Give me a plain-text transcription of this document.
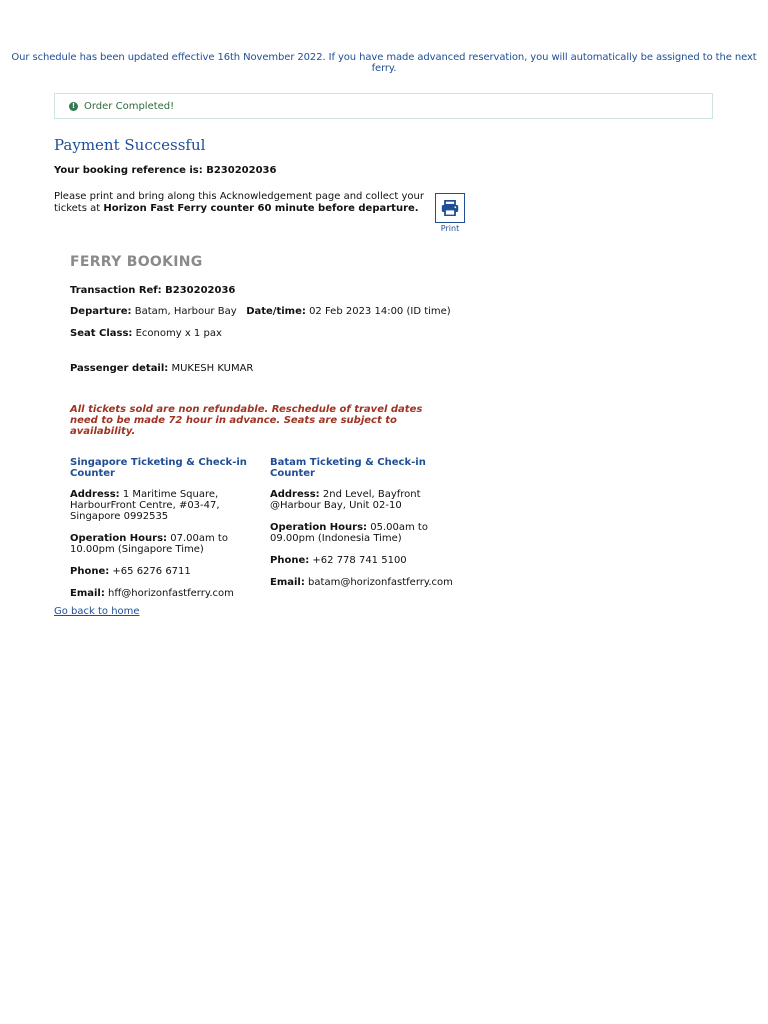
Our schedule has been updated effective 16th November 2022. If you have made advanced reservation, you will automatically be assigned to the next ferry.
! Order Completed!
Payment Successful
Your booking reference is: B230202036
Please print and bring along this Acknowledgement page and collect your tickets at Horizon Fast Ferry counter 60 minute before departure.
Print
FERRY BOOKING
Transaction Ref: B230202036
Departure: Batam, Harbour Bay Date/time: 02 Feb 2023 14:00 (ID time)
Seat Class: Economy x 1 pax
Passenger detail: MUKESH KUMAR
All tickets sold are non refundable. Reschedule of travel dates need to be made 72 hour in advance. Seats are subject to availability.
Singapore Ticketing & Check-in Counter

Address: 1 Maritime Square, HarbourFront Centre, #03-47, Singapore 0992535

Operation Hours: 07.00am to 10.00pm (Singapore Time)

Phone: +65 6276 6711

Email: hff@horizonfastferry.com

Batam Ticketing & Check-in Counter

Address: 2nd Level, Bayfront @Harbour Bay, Unit 02-10

Operation Hours: 05.00am to 09.00pm (Indonesia Time)

Phone: +62 778 741 5100

Email: batam@horizonfastferry.com

Go back to home
